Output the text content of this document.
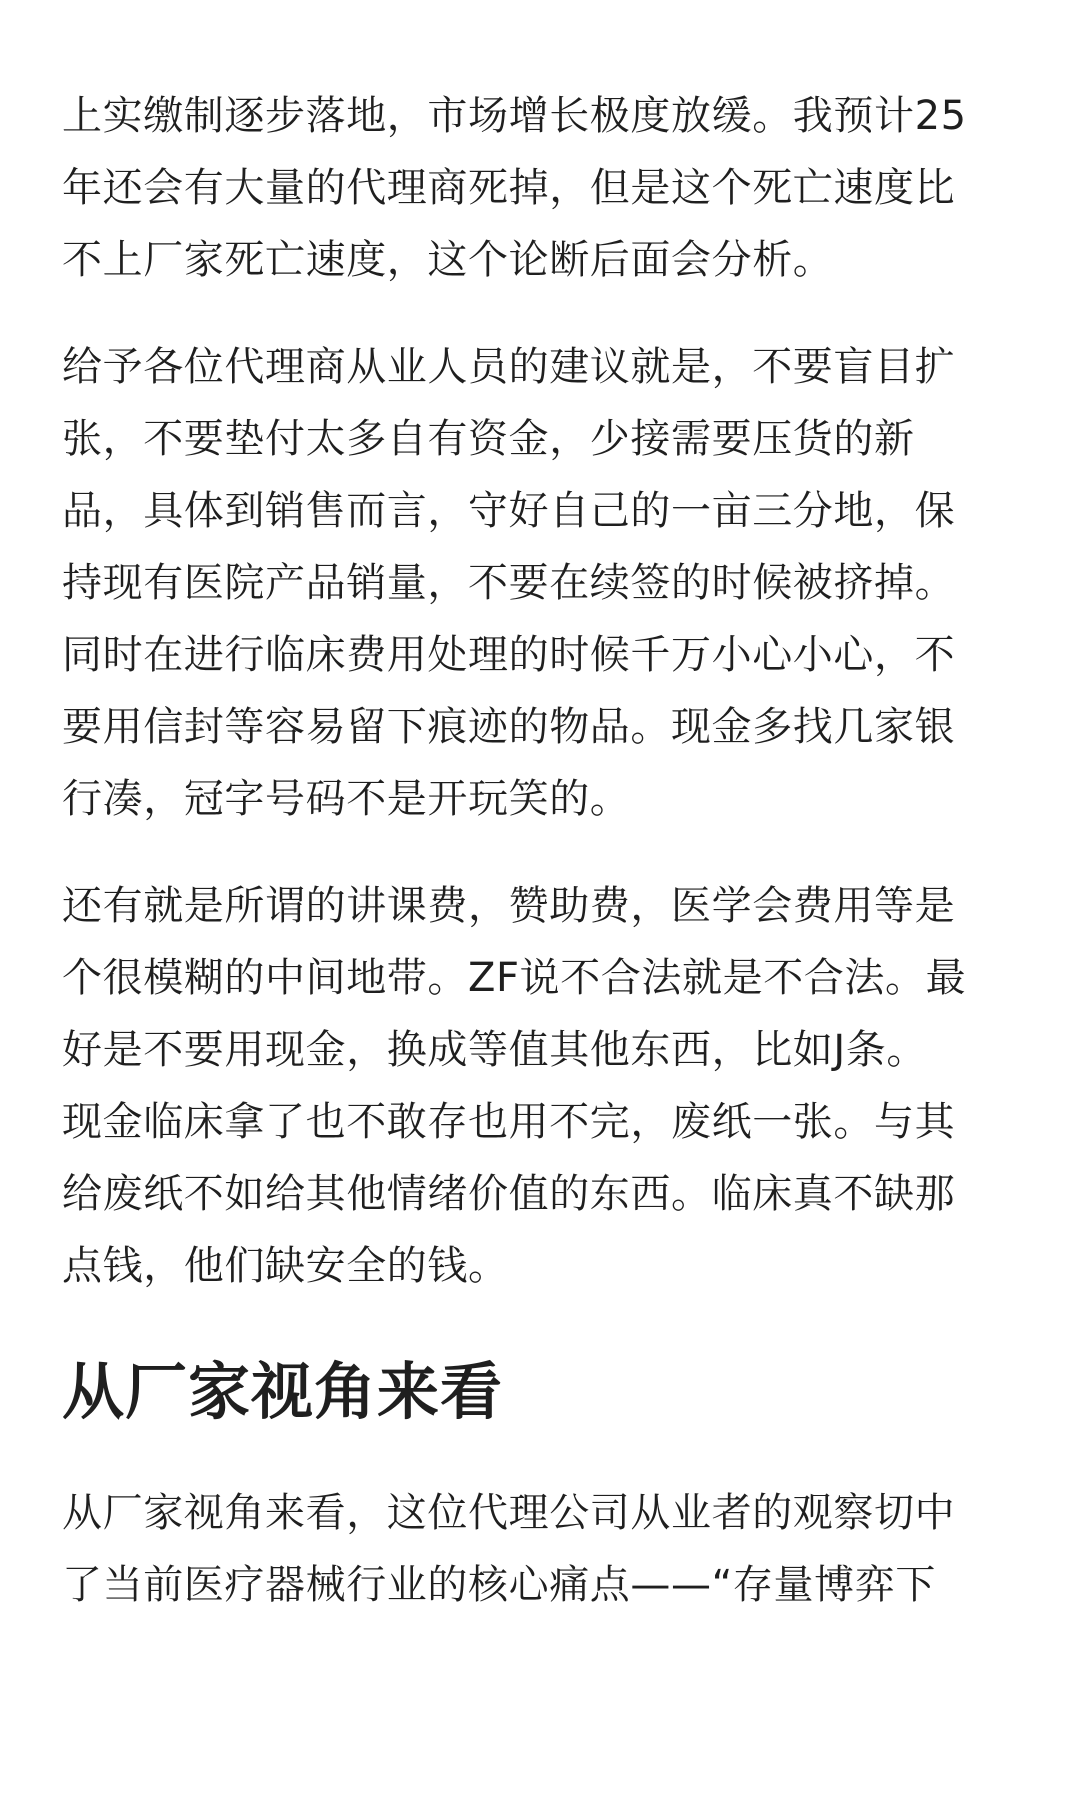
上实缴制逐步落地，市场增长极度放缓。我预计25
年还会有大量的代理商死掉，但是这个死亡速度比
不上厂家死亡速度，这个论断后面会分析。
给予各位代理商从业人员的建议就是，不要盲目扩
张，不要垫付太多自有资金，少接需要压货的新
品，具体到销售而言，守好自己的一亩三分地，保
持现有医院产品销量，不要在续签的时候被挤掉。
同时在进行临床费用处理的时候千万小心小心，不
要用信封等容易留下痕迹的物品。现金多找几家银
行凑，冠字号码不是开玩笑的。
还有就是所谓的讲课费，赞助费，医学会费用等是
个很模糊的中间地带。ZF说不合法就是不合法。最
好是不要用现金，换成等值其他东西，比如J条。
现金临床拿了也不敢存也用不完，废纸一张。与其
给废纸不如给其他情绪价值的东西。临床真不缺那
点钱，他们缺安全的钱。
从厂家视角来看
从厂家视角来看，这位代理公司从业者的观察切中
了当前医疗器械行业的核心痛点——“存量博弈下
